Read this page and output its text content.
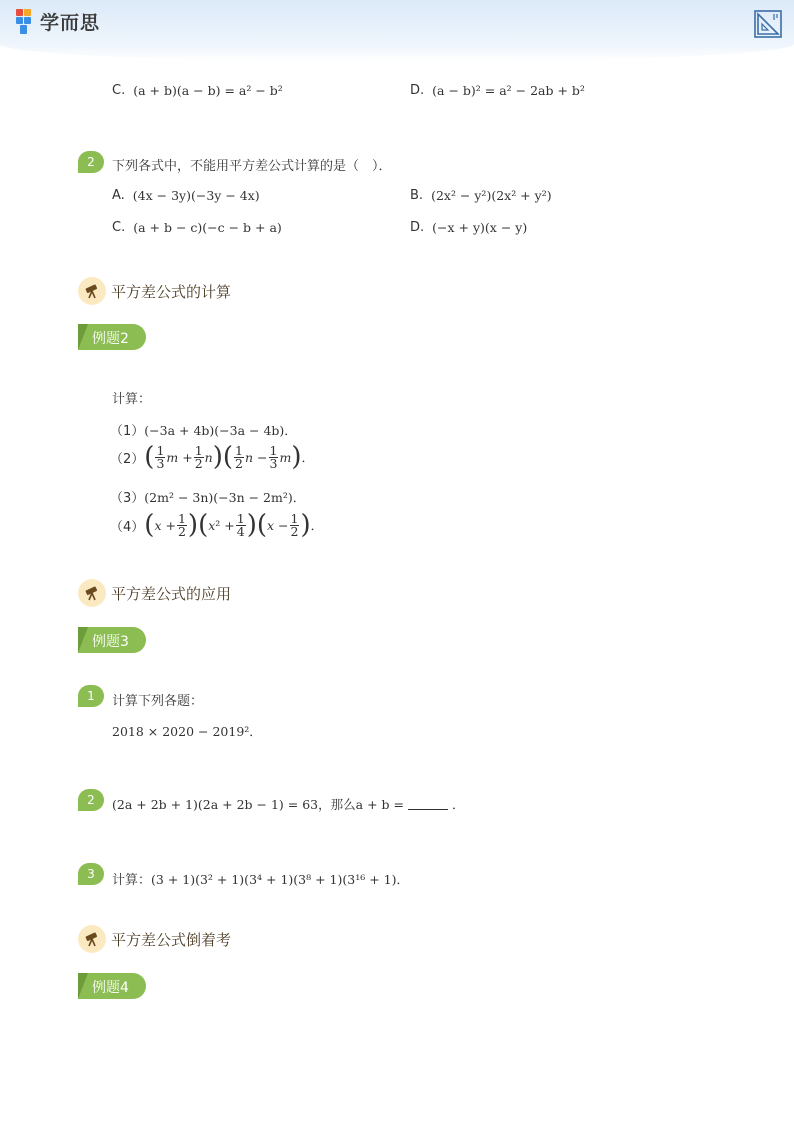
学而思
C. (a + b)(a − b) = a² − b²	D. (a − b)² = a² − 2ab + b²
2	下列各式中，不能用平方差公式计算的是（　）．
A. (4x − 3y)(−3y − 4x)	B. (2x² − y²)(2x² + y²)
C. (a + b − c)(−c − b + a)	D. (−x + y)(x − y)
平方差公式的计算
例题2
计算：
（1） (−3a + 4b)(−3a − 4b)．
（2） ( $\frac{1}{3}$ $m + \frac{1}{2}$ n ) ( $\frac{1}{2}$ $n - \frac{1}{3}$ m ) ．
（3） (2m² − 3n)(−3n − 2m²)．
（4） ( $x + \frac{1}{2}$ ) ( $x^2 + \frac{1}{4}$ ) ( $x - \frac{1}{2}$ ) ．
平方差公式的应用
例题3
1	计算下列各题：
2018 × 2020 − 2019²．
2	(2a + 2b + 1)(2a + 2b − 1) = 63，那么a + b =	．
3	计算： (3 + 1)(3² + 1)(3⁴ + 1)(3⁸ + 1)(3¹⁶ + 1)．
平方差公式倒着考
例题4
